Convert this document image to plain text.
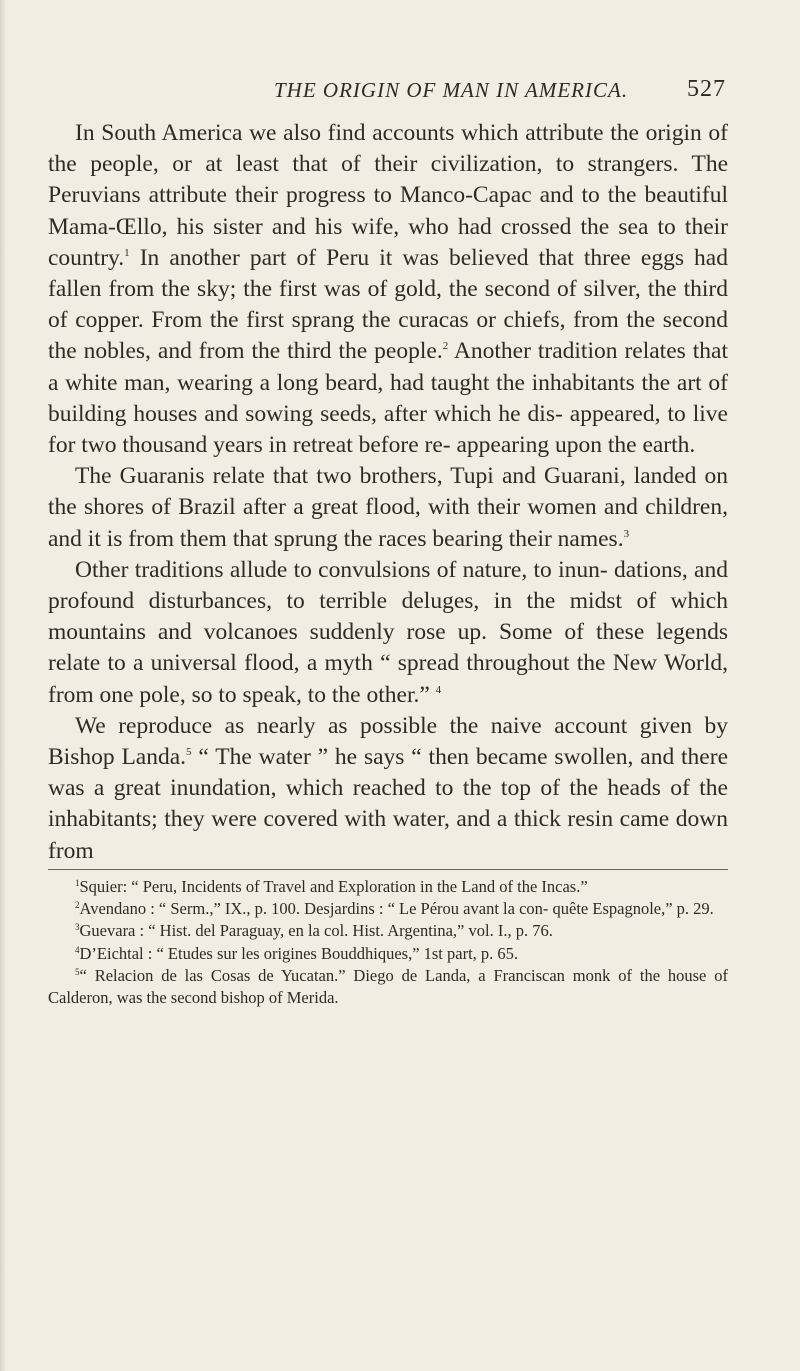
THE ORIGIN OF MAN IN AMERICA. 527

In South America we also find accounts which attribute the origin of the people, or at least that of their civilization, to strangers. The Peruvians attribute their progress to Manco-Capac and to the beautiful Mama-Œllo, his sister and his wife, who had crossed the sea to their country.$^1$ In another part of Peru it was believed that three eggs had fallen from the sky; the first was of gold, the second of silver, the third of copper. From the first sprang the curacas or chiefs, from the second the nobles, and from the third the people.$^2$ Another tradition relates that a white man, wearing a long beard, had taught the inhabitants the art of building houses and sowing seeds, after which he dis- appeared, to live for two thousand years in retreat before re- appearing upon the earth.

The Guaranis relate that two brothers, Tupi and Guarani, landed on the shores of Brazil after a great flood, with their women and children, and it is from them that sprung the races bearing their names.$^3$

Other traditions allude to convulsions of nature, to inun- dations, and profound disturbances, to terrible deluges, in the midst of which mountains and volcanoes suddenly rose up. Some of these legends relate to a universal flood, a myth “ spread throughout the New World, from one pole, so to speak, to the other.” $^4$

We reproduce as nearly as possible the naive account given by Bishop Landa.$^5$ “ The water ” he says “ then became swollen, and there was a great inundation, which reached to the top of the heads of the inhabitants; they were covered with water, and a thick resin came down from

$^1$Squier: “ Peru, Incidents of Travel and Exploration in the Land of the Incas.”

$^2$Avendano : “ Serm.,” IX., p. 100. Desjardins : “ Le Pérou avant la con- quête Espagnole,” p. 29.

$^3$Guevara : “ Hist. del Paraguay, en la col. Hist. Argentina,” vol. I., p. 76.

$^4$D’Eichtal : “ Etudes sur les origines Bouddhiques,” 1st part, p. 65.

$^5$“ Relacion de las Cosas de Yucatan.” Diego de Landa, a Franciscan monk of the house of Calderon, was the second bishop of Merida.
